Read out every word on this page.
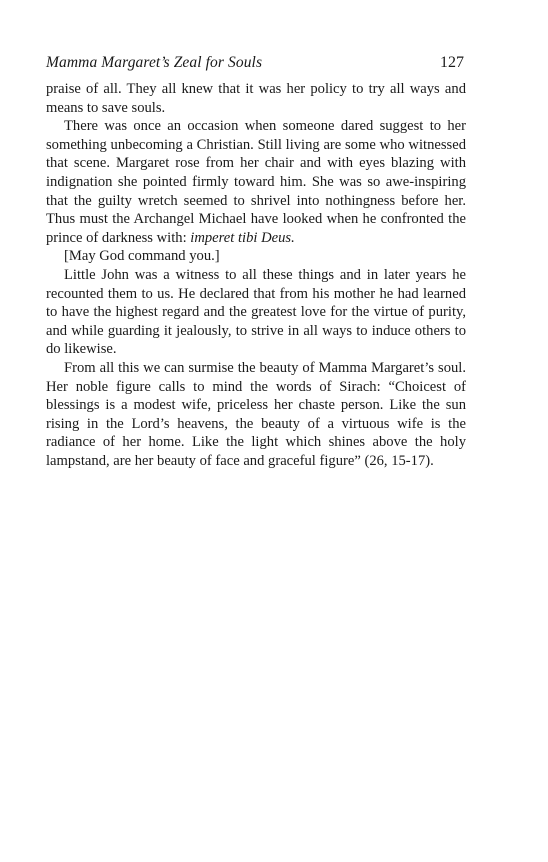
Mamma Margaret’s Zeal for Souls	127

praise of all. They all knew that it was her policy to try all ways and means to save souls.

There was once an occasion when someone dared suggest to her something unbecoming a Christian. Still living are some who witnessed that scene. Margaret rose from her chair and with eyes blazing with indignation she pointed firmly toward him. She was so awe-inspiring that the guilty wretch seemed to shrivel into nothingness before her. Thus must the Archangel Michael have looked when he confronted the prince of darkness with: imperet tibi Deus.
[May God command you.]

Little John was a witness to all these things and in later years he recounted them to us. He declared that from his mother he had learned to have the highest regard and the greatest love for the virtue of purity, and while guarding it jealously, to strive in all ways to induce others to do likewise.

From all this we can surmise the beauty of Mamma Margaret’s soul. Her noble figure calls to mind the words of Sirach: “Choicest of blessings is a modest wife, priceless her chaste person. Like the sun rising in the Lord’s heavens, the beauty of a virtuous wife is the radiance of her home. Like the light which shines above the holy lampstand, are her beauty of face and graceful figure” (26, 15-17).
